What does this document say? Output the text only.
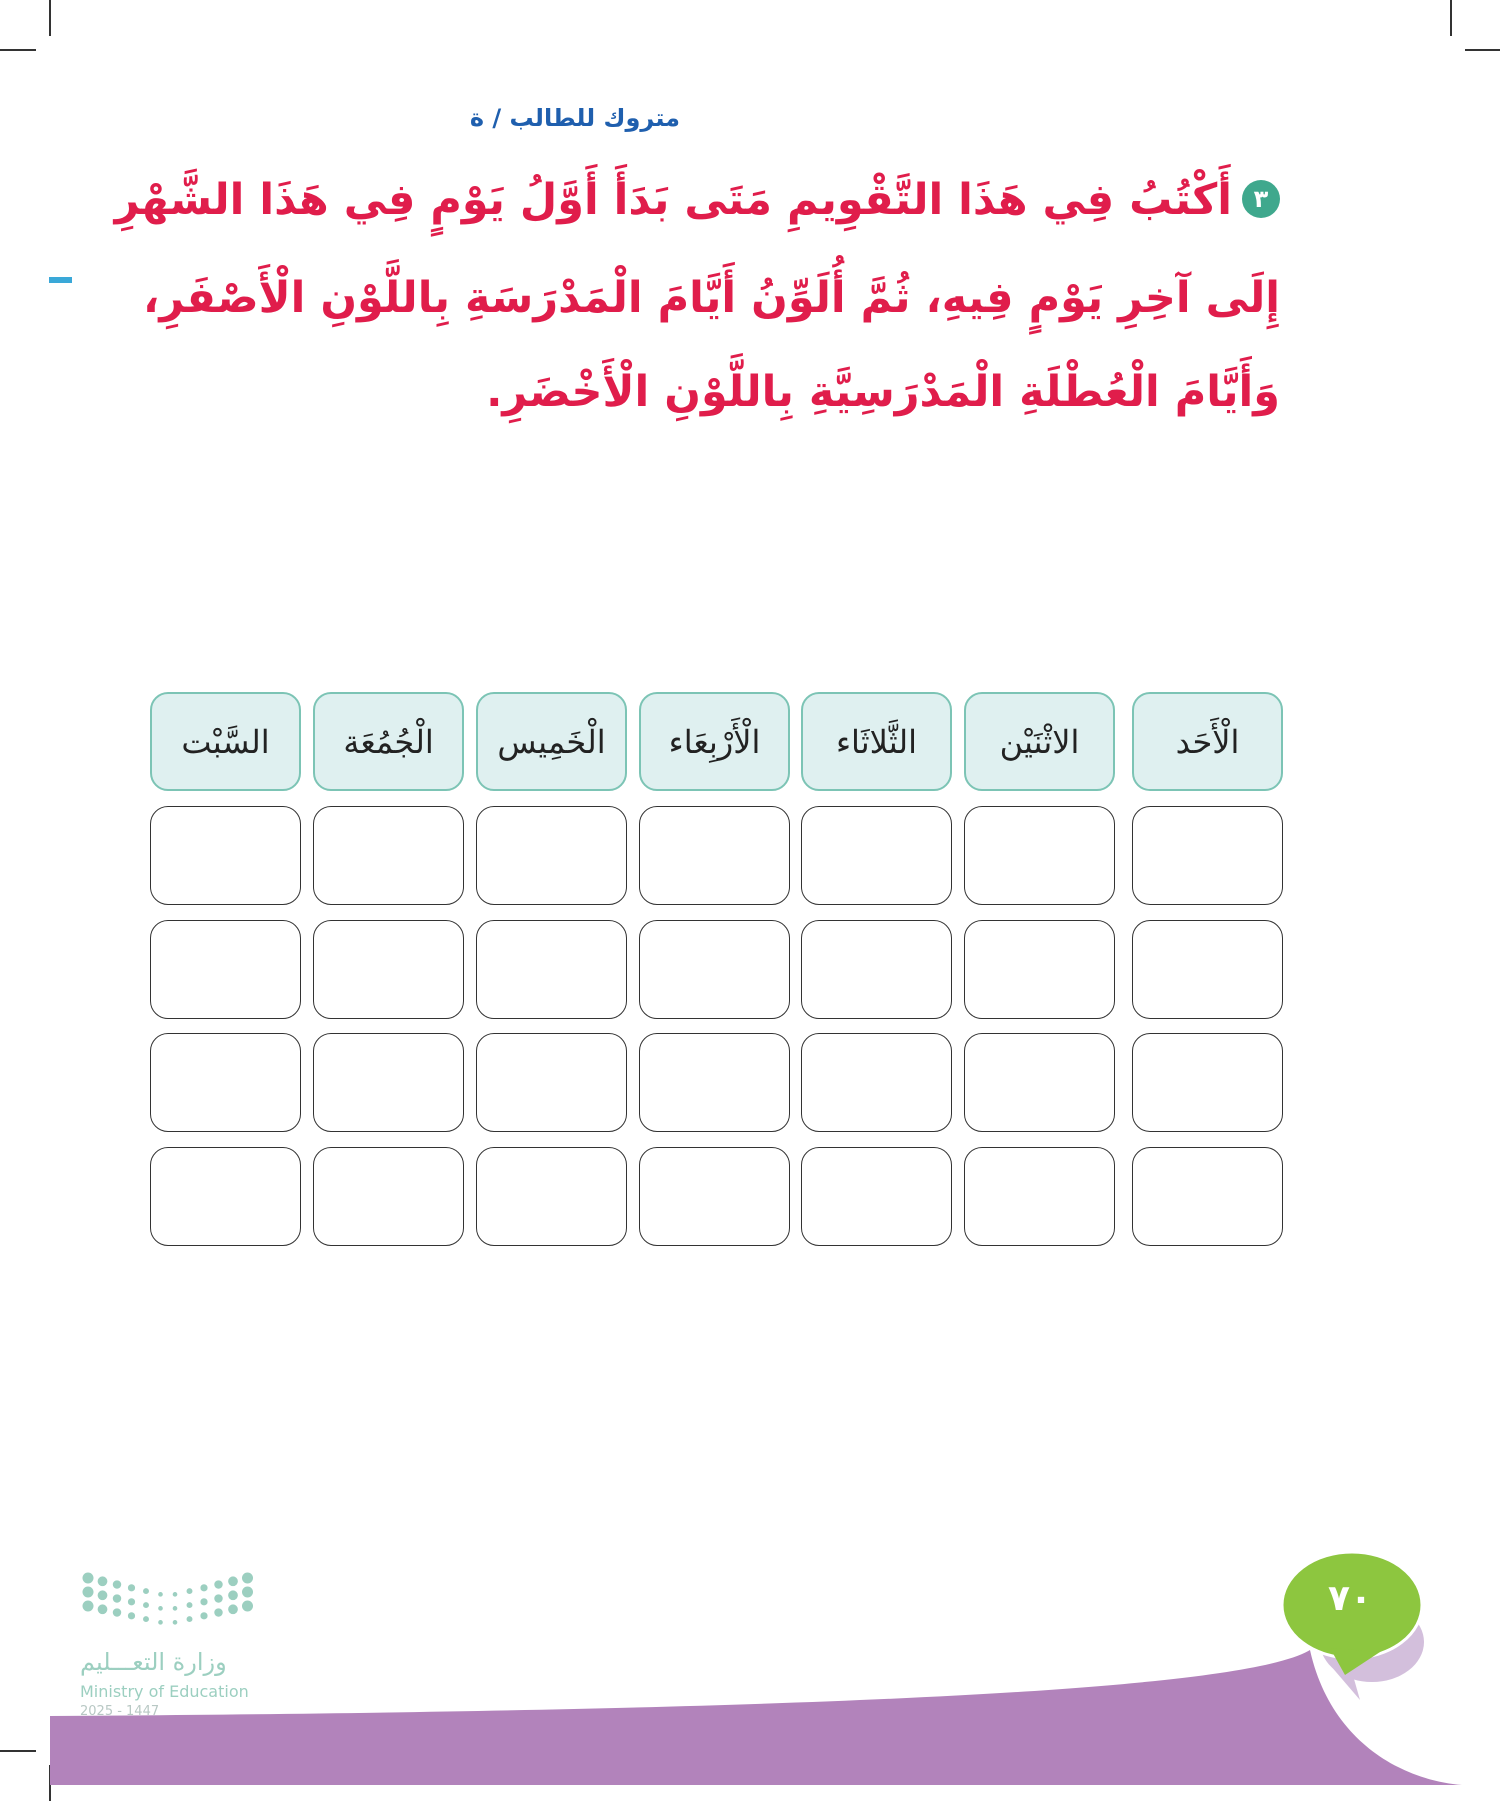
متروك للطالب / ة
٣
أَكْتُبُ فِي هَذَا التَّقْوِيمِ مَتَى بَدَأَ أَوَّلُ يَوْمٍ فِي هَذَا الشَّهْرِ
إِلَى آخِرِ يَوْمٍ فِيهِ، ثُمَّ أُلَوِّنُ أَيَّامَ الْمَدْرَسَةِ بِاللَّوْنِ الْأَصْفَرِ،
وَأَيَّامَ الْعُطْلَةِ الْمَدْرَسِيَّةِ بِاللَّوْنِ الْأَخْضَرِ.
الْأَحَد
الاثْنَيْن
الثَّلاثَاء
الْأَرْبِعَاء
الْخَمِيس
الْجُمُعَة
السَّبْت
٧٠
وزارة التعـــليم
Ministry of Education
2025 - 1447
